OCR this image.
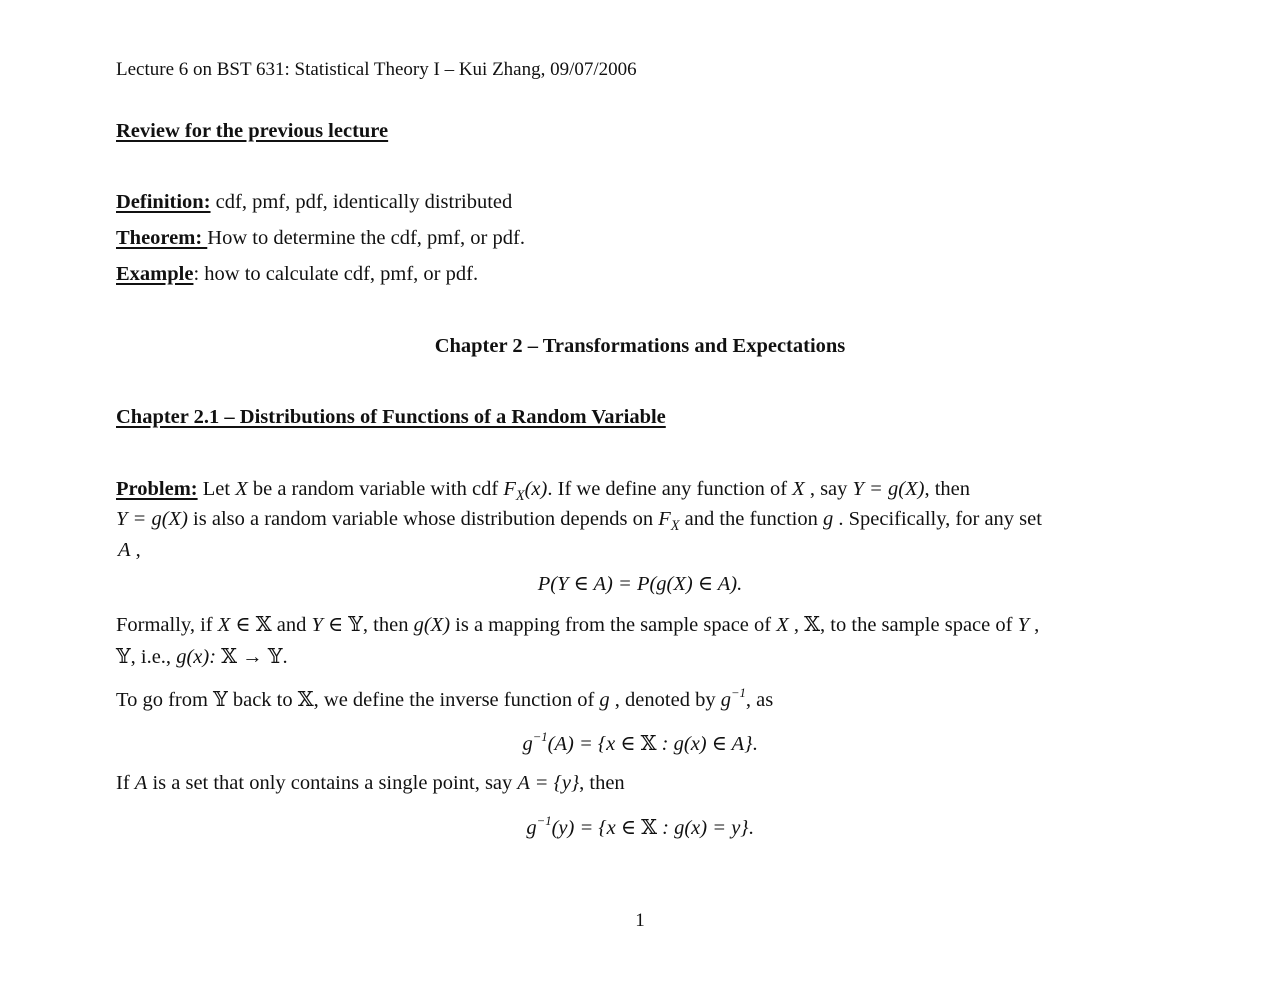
Lecture 6 on BST 631: Statistical Theory I – Kui Zhang, 09/07/2006
Review for the previous lecture
Definition: cdf, pmf, pdf, identically distributed
Theorem: How to determine the cdf, pmf, or pdf.
Example: how to calculate cdf, pmf, or pdf.
Chapter 2 – Transformations and Expectations
Chapter 2.1 – Distributions of Functions of a Random Variable
Problem: Let X be a random variable with cdf $F_X(x)$. If we define any function of X , say Y = g(X), then
Y = g(X) is also a random variable whose distribution depends on $F_X$ and the function g . Specifically, for any set
A ,
P(Y ∈ A) = P(g(X) ∈ A).
Formally, if X ∈ 𝕏 and Y ∈ 𝕐, then g(X) is a mapping from the sample space of X , 𝕏, to the sample space of Y ,
𝕐, i.e., g(x): 𝕏 → 𝕐.
To go from 𝕐 back to 𝕏, we define the inverse function of g , denoted by $g^{-1}$, as
$g^{-1}(A) = \{x$ ∈ 𝕏 : g(x) ∈ A}.
If A is a set that only contains a single point, say A = {y}, then
$g^{-1}(y) = \{x$ ∈ 𝕏 : g(x) = y}.
1
